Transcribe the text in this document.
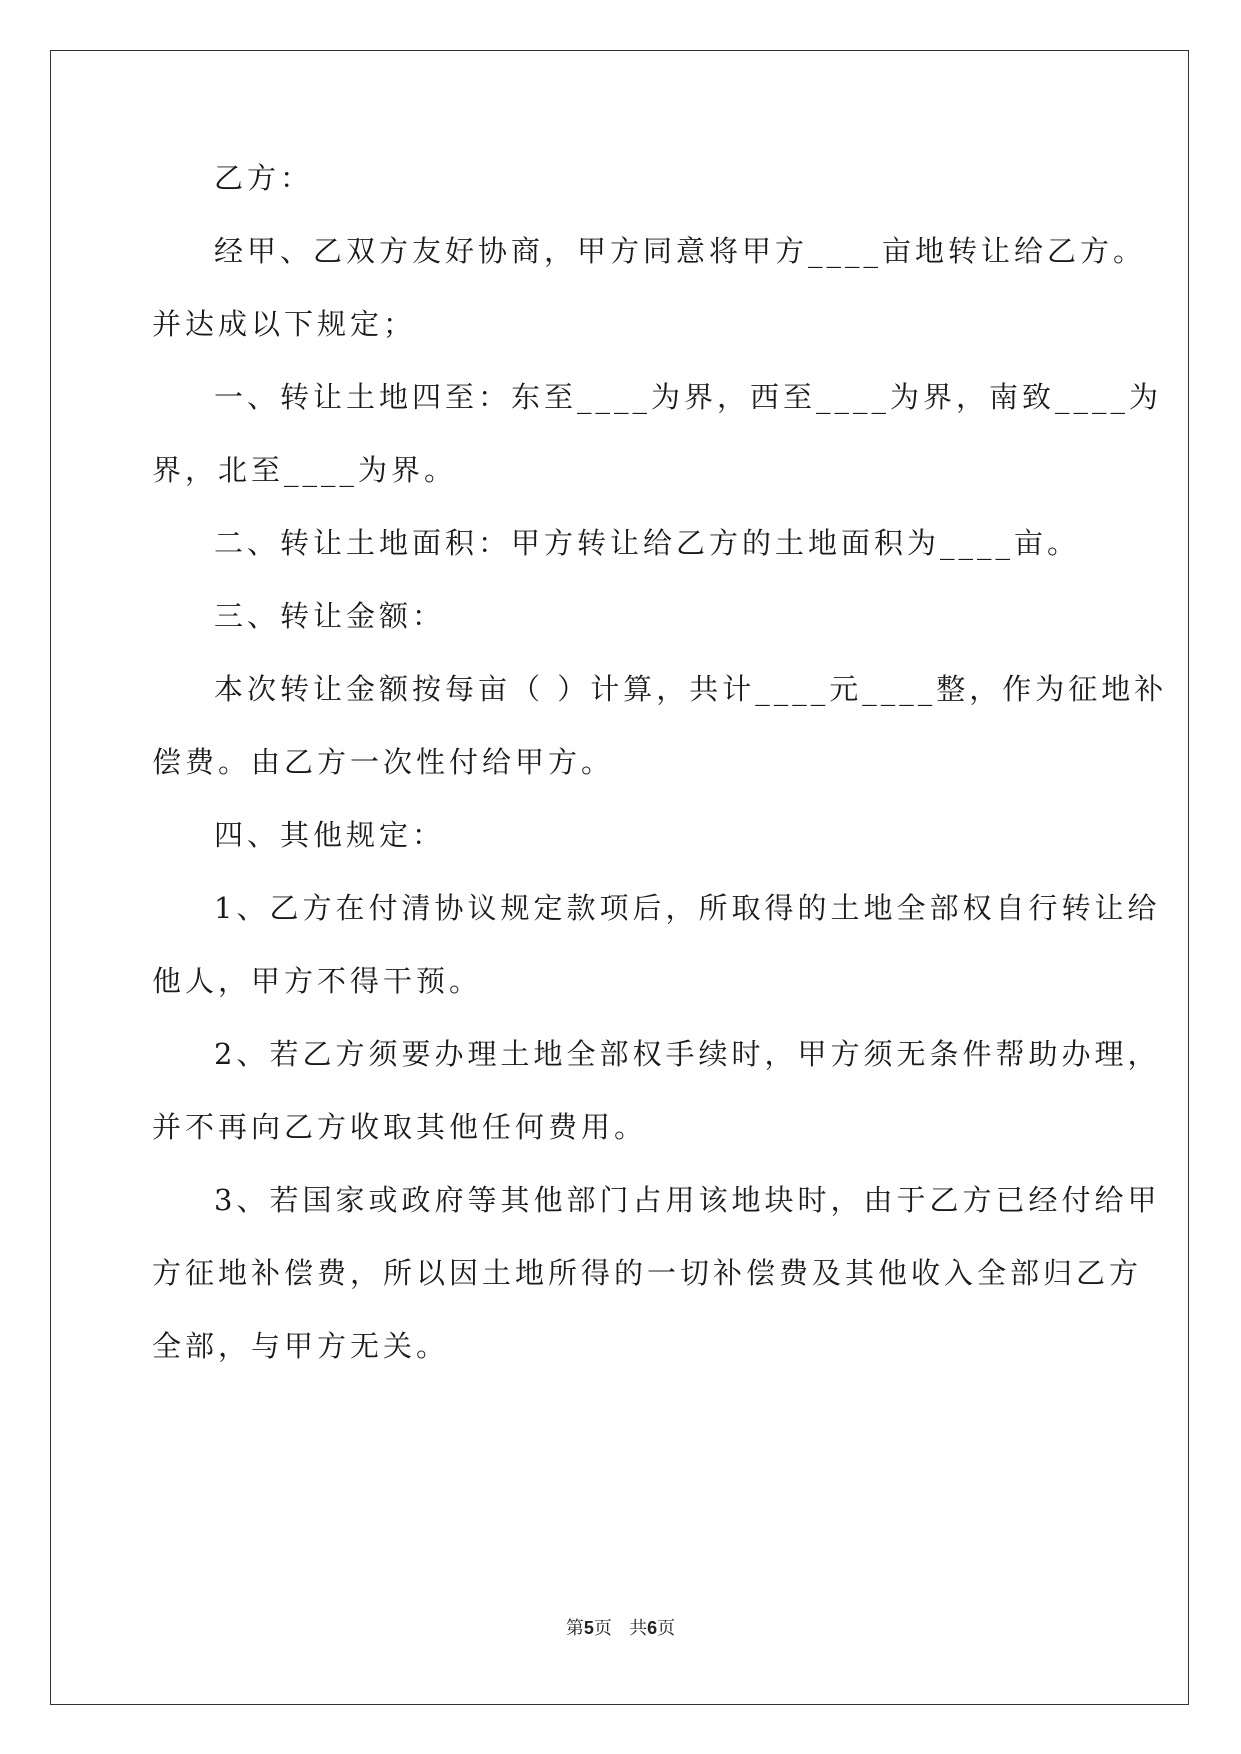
乙方：
经甲、乙双方友好协商，甲方同意将甲方____亩地转让给乙方。
并达成以下规定；
一、转让土地四至：东至____为界，西至____为界，南致____为
界，北至____为界。
二、转让土地面积：甲方转让给乙方的土地面积为____亩。
三、转让金额：
本次转让金额按每亩（ ）计算，共计____元____整，作为征地补
偿费。由乙方一次性付给甲方。
四、其他规定：
1、乙方在付清协议规定款项后，所取得的土地全部权自行转让给
他人，甲方不得干预。
2、若乙方须要办理土地全部权手续时，甲方须无条件帮助办理，
并不再向乙方收取其他任何费用。
3、若国家或政府等其他部门占用该地块时，由于乙方已经付给甲
方征地补偿费，所以因土地所得的一切补偿费及其他收入全部归乙方
全部，与甲方无关。
第5页 共6页
